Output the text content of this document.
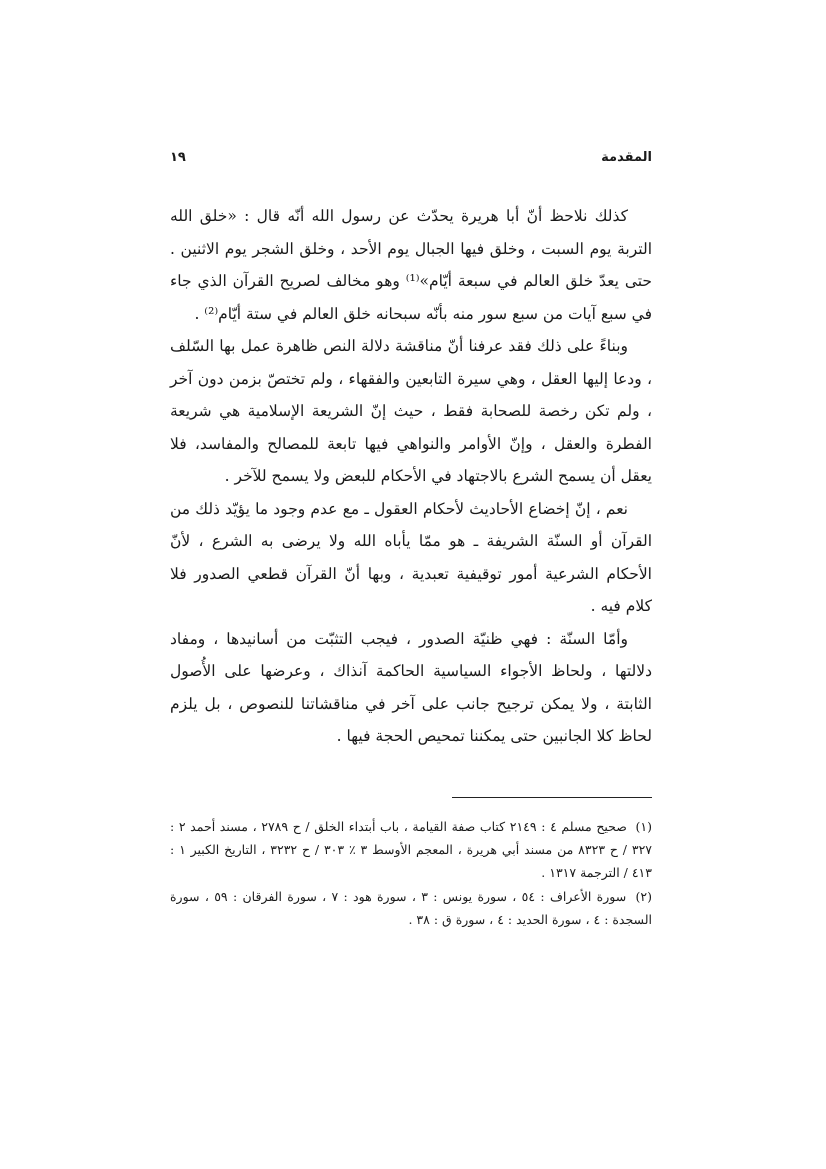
المقدمة
١٩

كذلك نلاحظ أنّ أبا هريرة يحدّث عن رسول الله أنّه قال : «خلق الله التربة يوم السبت ، وخلق فيها الجبال يوم الأحد ، وخلق الشجر يوم الاثنين . حتى يعدّ خلق العالم في سبعة أيّام»⁽¹⁾ وهو مخالف لصريح القرآن الذي جاء في سبع آيات من سبع سور منه بأنّه سبحانه خلق العالم في ستة أيّام⁽²⁾ .

وبناءً على ذلك فقد عرفنا أنّ مناقشة دلالة النص ظاهرة عمل بها السّلف ، ودعا إليها العقل ، وهي سيرة التابعين والفقهاء ، ولم تختصّ بزمن دون آخر ، ولم تكن رخصة للصحابة فقط ، حيث إنّ الشريعة الإسلامية هي شريعة الفطرة والعقل ، وإنّ الأوامر والنواهي فيها تابعة للمصالح والمفاسد، فلا يعقل أن يسمح الشرع بالاجتهاد في الأحكام للبعض ولا يسمح للآخر .

نعم ، إنّ إخضاع الأحاديث لأحكام العقول ـ مع عدم وجود ما يؤيّد ذلك من القرآن أو السنّة الشريفة ـ هو ممّا يأباه الله ولا يرضى به الشرع ، لأنّ الأحكام الشرعية أمور توقيفية تعبدية ، وبها أنّ القرآن قطعي الصدور فلا كلام فيه .

وأمّا السنّة : فهي ظنيّة الصدور ، فيجب التثبّت من أسانيدها ، ومفاد دلالتها ، ولحاظ الأجواء السياسية الحاكمة آنذاك ، وعرضها على الأُصول الثابتة ، ولا يمكن ترجيح جانب على آخر في مناقشاتنا للنصوص ، بل يلزم لحاظ كلا الجانبين حتى يمكننا تمحيص الحجة فيها .

(١) صحيح مسلم ٤ : ٢١٤٩ كتاب صفة القيامة ، باب أبتداء الخلق / ح ٢٧٨٩ ، مسند أحمد ٢ : ٣٢٧ / ح ٨٣٢٣ من مسند أبي هريرة ، المعجم الأوسط ٣ ٪ ٣٠٣ / ح ٣٢٣٢ ، التاريخ الكبير ١ : ٤١٣ / الترجمة ١٣١٧ .

(٢) سورة الأعراف : ٥٤ ، سورة يونس : ٣ ، سورة هود : ٧ ، سورة الفرقان : ٥٩ ، سورة السجدة : ٤ ، سورة الحديد : ٤ ، سورة ق : ٣٨ .
